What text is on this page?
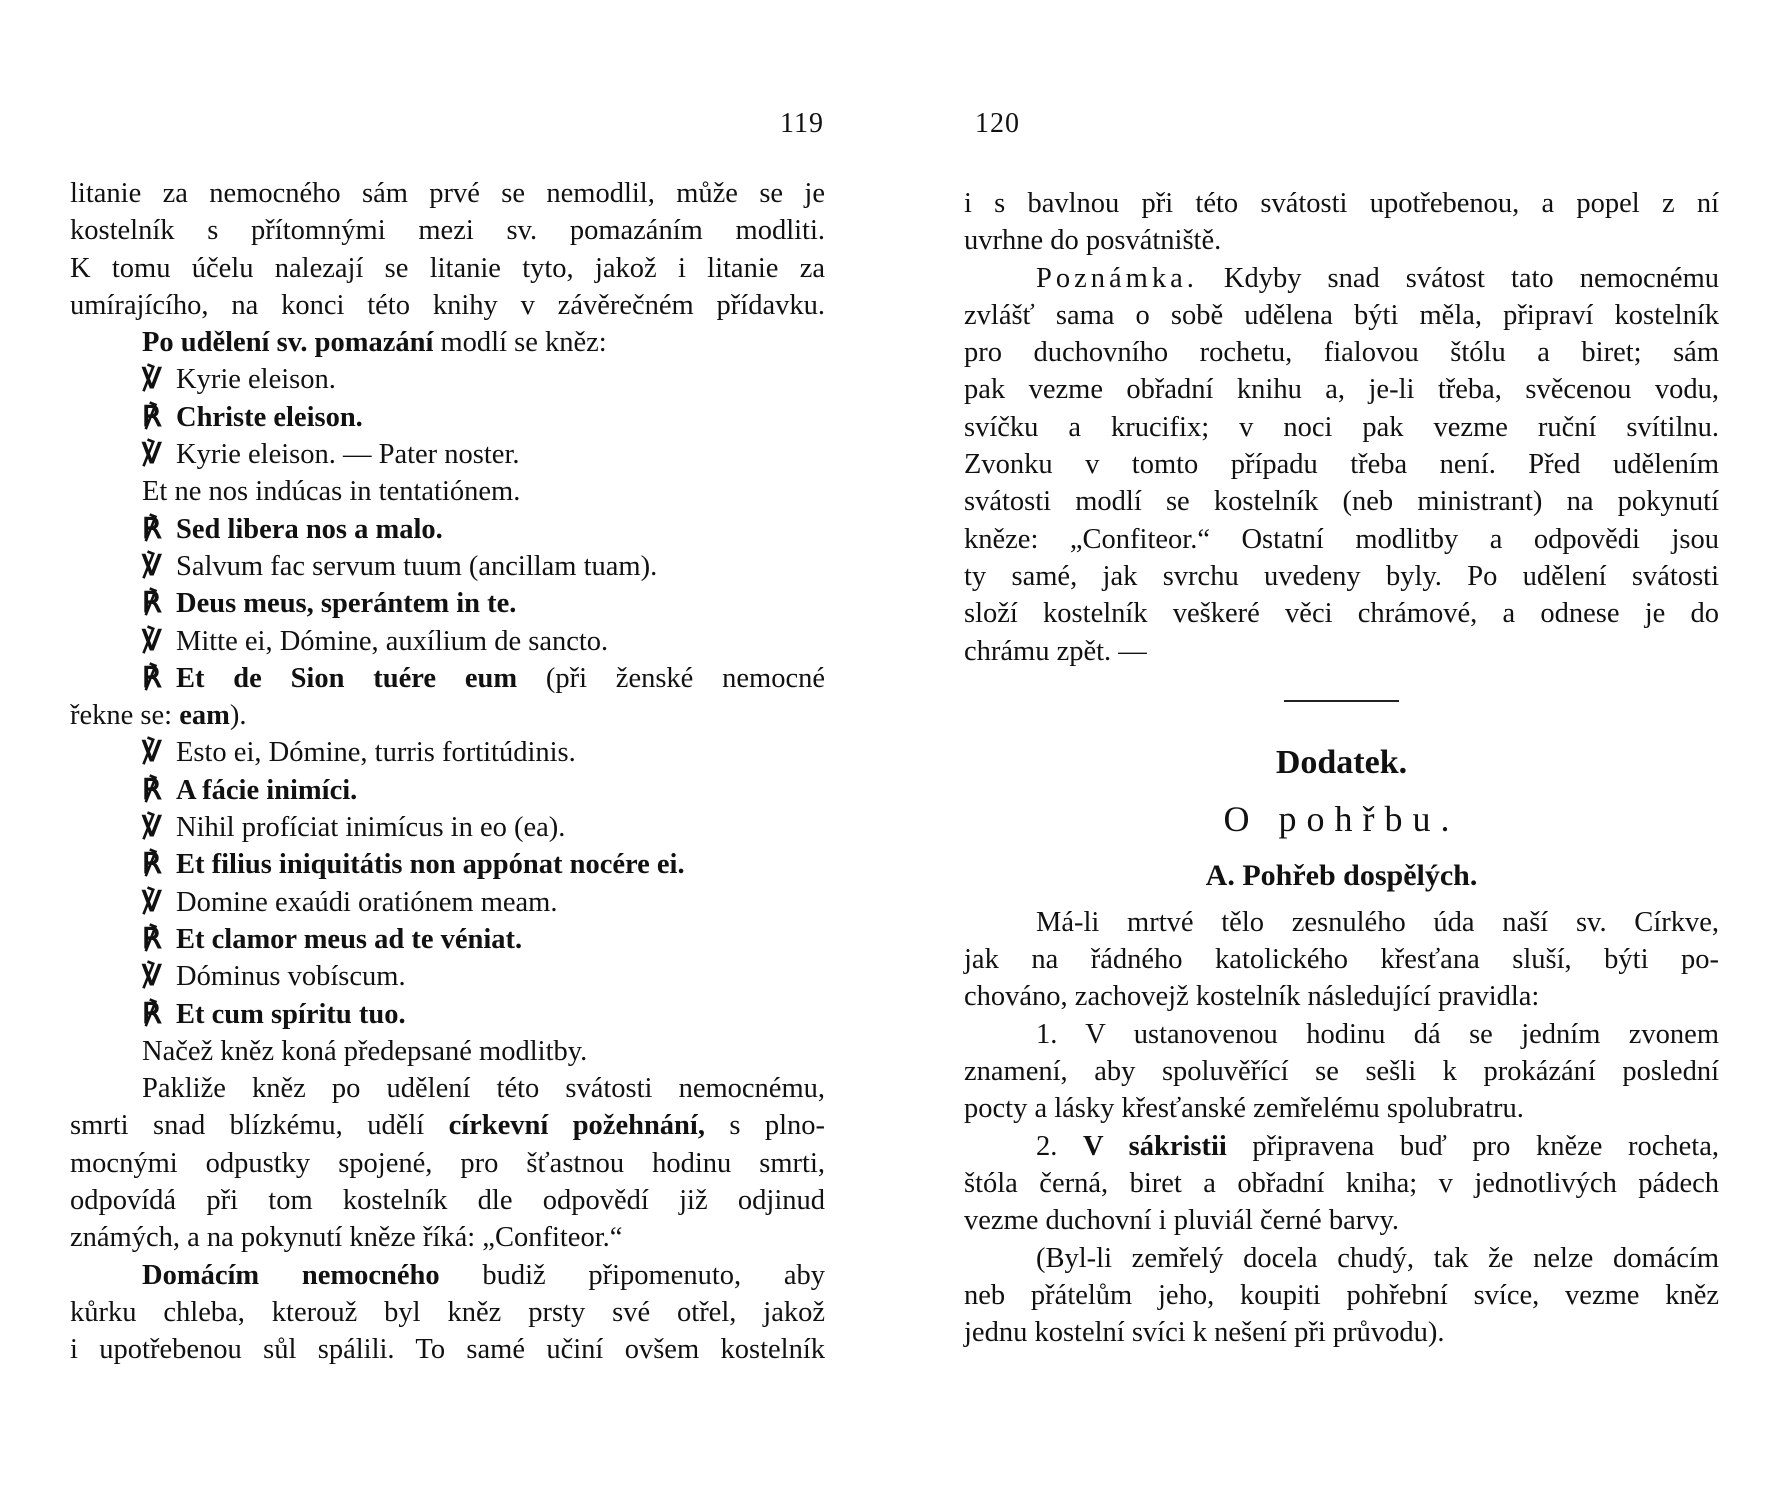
119
litanie za nemocného sám prvé se nemodlil, může se je
kostelník s přítomnými mezi sv. pomazáním modliti.
K tomu účelu nalezají se litanie tyto, jakož i litanie za
umírajícího, na konci této knihy v závěrečném přídavku.
Po udělení sv. pomazání modlí se kněz:
℣ Kyrie eleison.
℟ Christe eleison.
℣ Kyrie eleison. — Pater noster.
Et ne nos indúcas in tentatiónem.
℟ Sed libera nos a malo.
℣ Salvum fac servum tuum (ancillam tuam).
℟ Deus meus, sperántem in te.
℣ Mitte ei, Dómine, auxílium de sancto.
℟ Et de Sion tuére eum (při ženské nemocné
řekne se: eam).
℣ Esto ei, Dómine, turris fortitúdinis.
℟ A fácie inimíci.
℣ Nihil profíciat inimícus in eo (ea).
℟ Et filius iniquitátis non appónat nocére ei.
℣ Domine exaúdi oratiónem meam.
℟ Et clamor meus ad te véniat.
℣ Dóminus vobíscum.
℟ Et cum spíritu tuo.
Načež kněz koná předepsané modlitby.
Pakliže kněz po udělení této svátosti nemocnému,
smrti snad blízkému, udělí církevní požehnání, s plno-
mocnými odpustky spojené, pro šťastnou hodinu smrti,
odpovídá při tom kostelník dle odpovědí již odjinud
známých, a na pokynutí kněze říká: „Confiteor.“
Domácím nemocného budiž připomenuto, aby
kůrku chleba, kterouž byl kněz prsty své otřel, jakož
i upotřebenou sůl spálili. To samé učiní ovšem kostelník
120
i s bavlnou při této svátosti upotřebenou, a popel z ní
uvrhne do posvátniště.
Poznámka. Kdyby snad svátost tato nemocnému
zvlášť sama o sobě udělena býti měla, připraví kostelník
pro duchovního rochetu, fialovou štólu a biret; sám
pak vezme obřadní knihu a, je-li třeba, svěcenou vodu,
svíčku a krucifix; v noci pak vezme ruční svítilnu.
Zvonku v tomto případu třeba není. Před udělením
svátosti modlí se kostelník (neb ministrant) na pokynutí
kněze: „Confiteor.“ Ostatní modlitby a odpovědi jsou
ty samé, jak svrchu uvedeny byly. Po udělení svátosti
složí kostelník veškeré věci chrámové, a odnese je do
chrámu zpět. —
Dodatek.
O pohřbu.
A. Pohřeb dospělých.
Má-li mrtvé tělo zesnulého úda naší sv. Církve,
jak na řádného katolického křesťana sluší, býti po-
chováno, zachovejž kostelník následující pravidla:
1. V ustanovenou hodinu dá se jedním zvonem
znamení, aby spoluvěřící se sešli k prokázání poslední
pocty a lásky křesťanské zemřelému spolubratru.
2. V sákristii připravena buď pro kněze rocheta,
štóla černá, biret a obřadní kniha; v jednotlivých pádech
vezme duchovní i pluviál černé barvy.
(Byl-li zemřelý docela chudý, tak že nelze domácím
neb přátelům jeho, koupiti pohřební svíce, vezme kněz
jednu kostelní svíci k nešení při průvodu).
